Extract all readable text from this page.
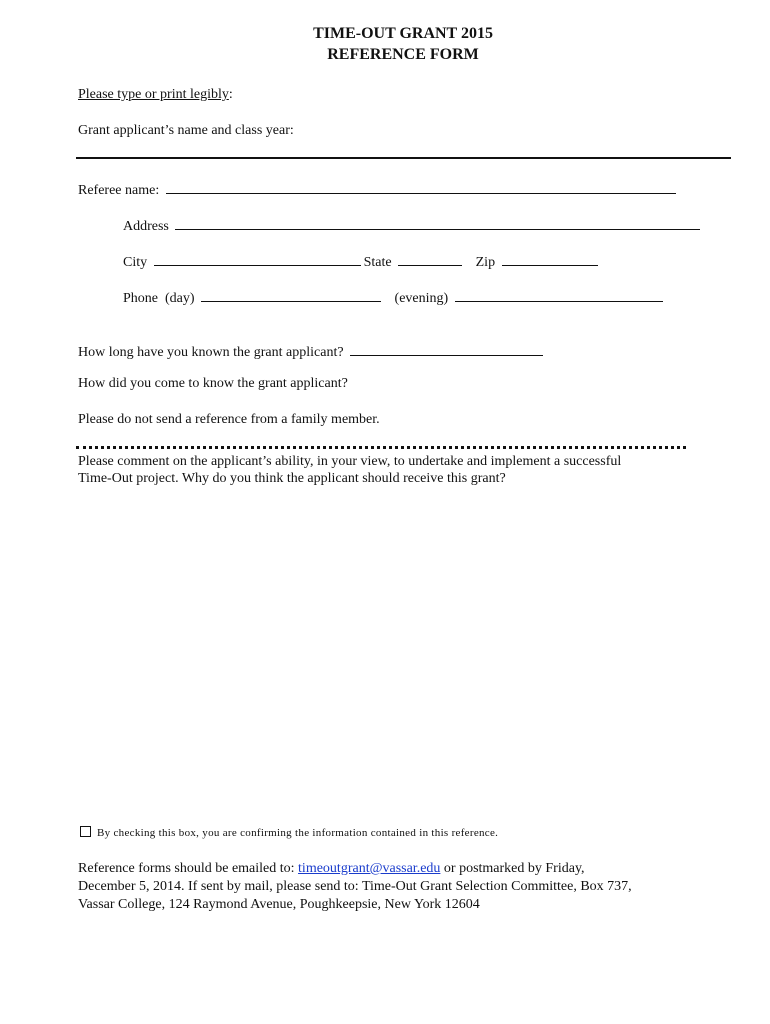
TIME-OUT GRANT 2015
REFERENCE FORM
Please type or print legibly:
Grant applicant’s name and class year:
Referee name:
Address
City	State	Zip
Phone (day)	(evening)
How long have you known the grant applicant?
How did you come to know the grant applicant?
Please do not send a reference from a family member.
Please comment on the applicant’s ability, in your view, to undertake and implement a successful
Time-Out project. Why do you think the applicant should receive this grant?
By checking this box, you are confirming the information contained in this reference.
Reference forms should be emailed to: timeoutgrant@vassar.edu or postmarked by Friday,
December 5, 2014. If sent by mail, please send to: Time-Out Grant Selection Committee, Box 737,
Vassar College, 124 Raymond Avenue, Poughkeepsie, New York 12604
